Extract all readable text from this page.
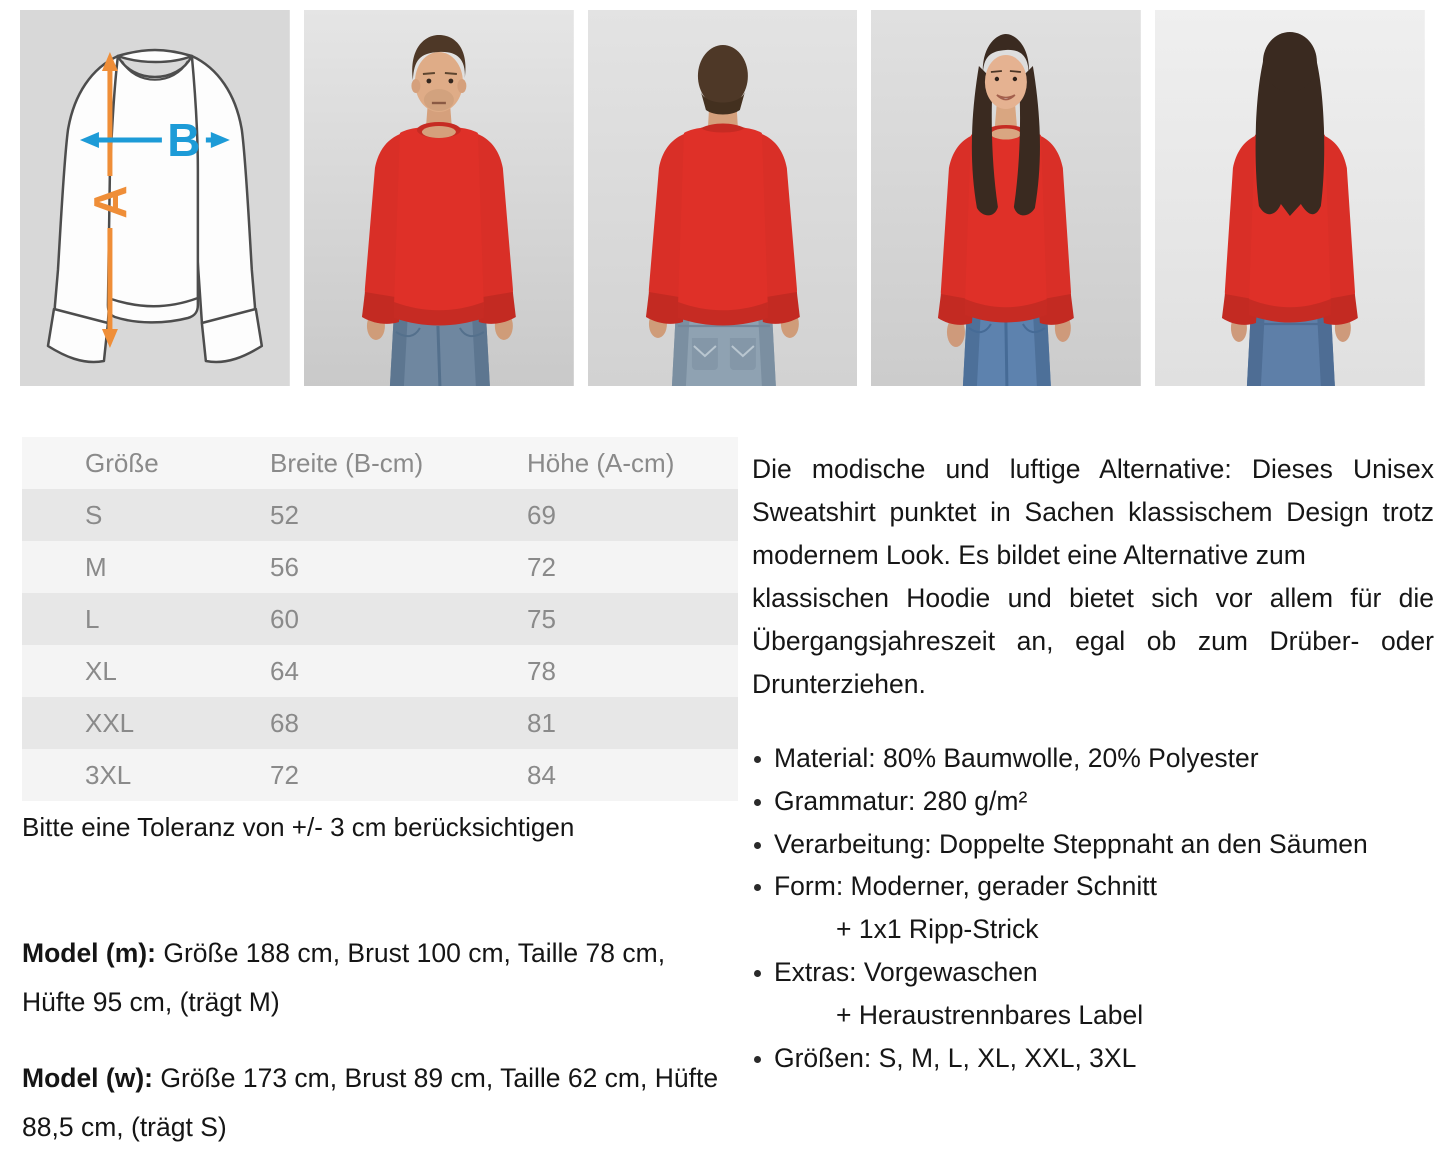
A
B
Größe	Breite (B-cm)	Höhe (A-cm)
S	52	69
M	56	72
L	60	75
XL	64	78
XXL	68	81
3XL	72	84
Bitte eine Toleranz von +/- 3 cm berücksichtigen

Model (m): Größe 188 cm, Brust 100 cm, Taille 78 cm, Hüfte 95 cm, (trägt M)

Model (w): Größe 173 cm, Brust 89 cm, Taille 62 cm, Hüfte 88,5 cm, (trägt S)

Die modische und luftige Alternative: Dieses Unisex Sweatshirt punktet in Sachen klassischem Design trotz modernem Look. Es bildet eine Alternative zum
klassischen Hoodie und bietet sich vor allem für die Übergangsjahreszeit an, egal ob zum Drüber- oder Drunterziehen.
Material: 80% Baumwolle, 20% Polyester
Grammatur: 280 g/m²
Verarbeitung: Doppelte Steppnaht an den Säumen
Form: Moderner, gerader Schnitt
+ 1x1 Ripp-Strick
Extras: Vorgewaschen
+ Heraustrennbares Label
Größen: S, M, L, XL, XXL, 3XL
